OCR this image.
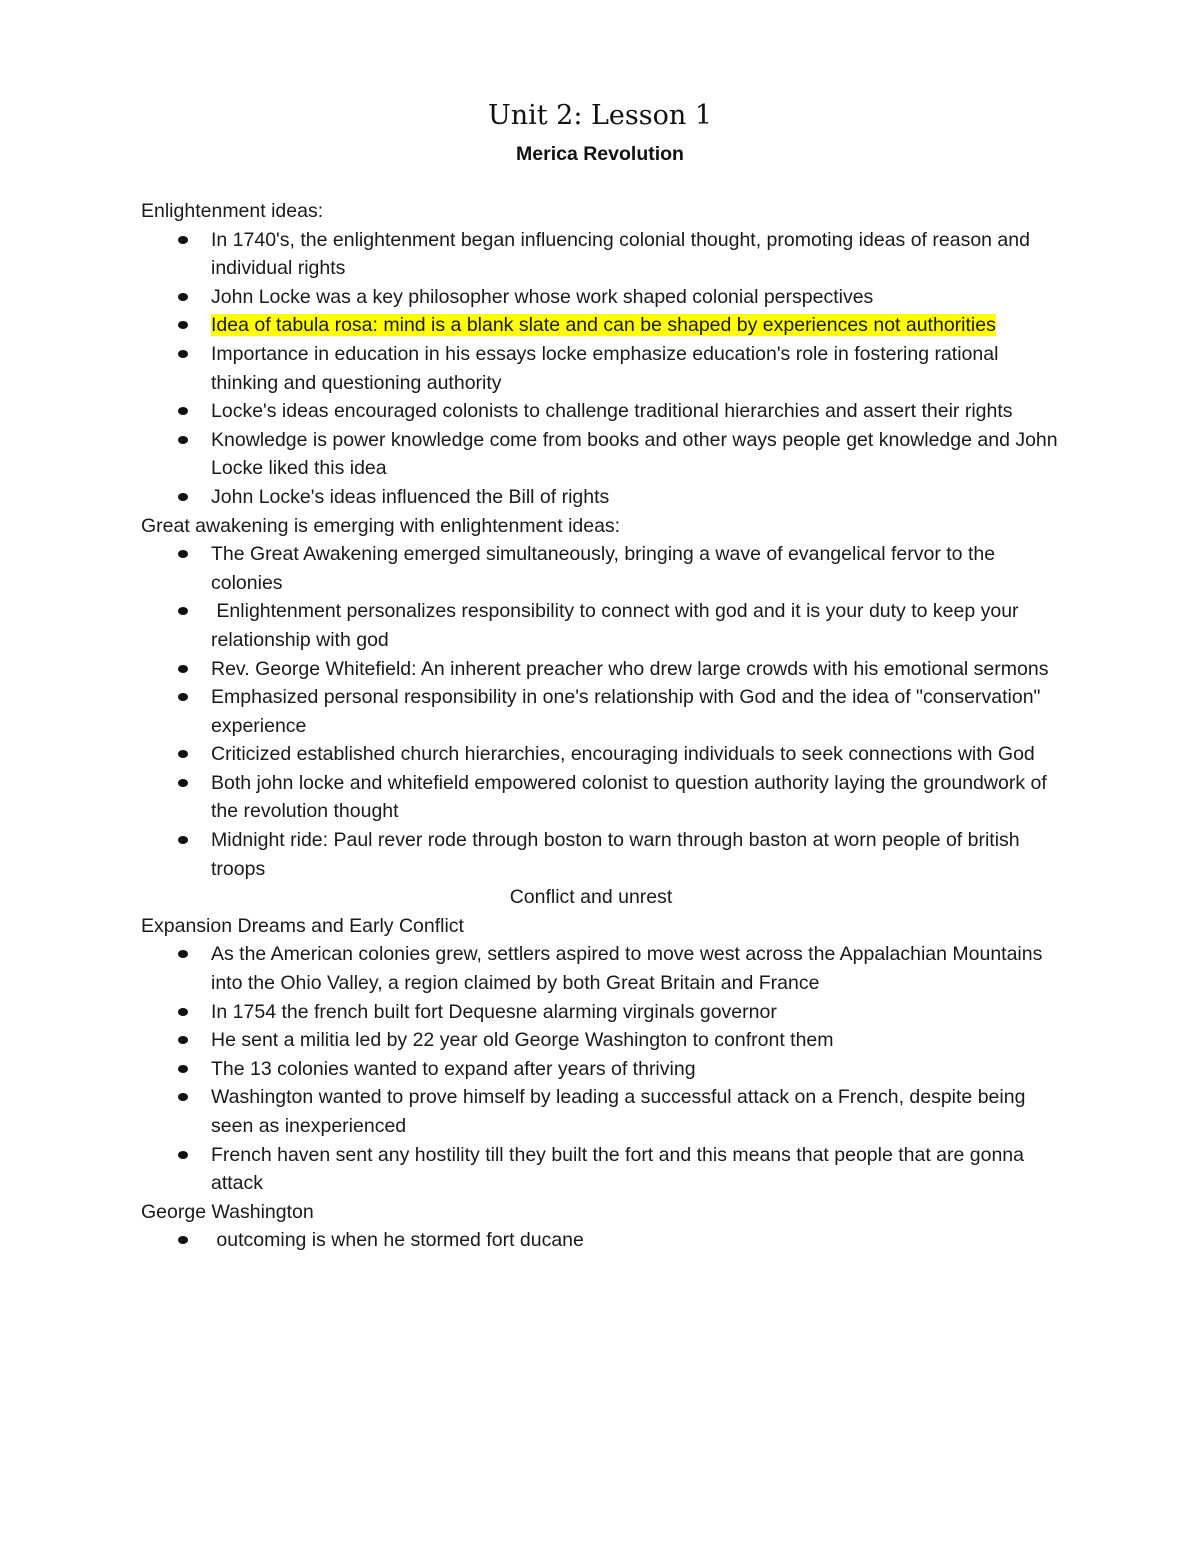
Unit 2: Lesson 1
Merica Revolution

Enlightenment ideas:

In 1740's, the enlightenment began influencing colonial thought, promoting ideas of reason and individual rights
John Locke was a key philosopher whose work shaped colonial perspectives
Idea of tabula rosa: mind is a blank slate and can be shaped by experiences not authorities
Importance in education in his essays locke emphasize education's role in fostering rational thinking and questioning authority
Locke's ideas encouraged colonists to challenge traditional hierarchies and assert their rights
Knowledge is power knowledge come from books and other ways people get knowledge and John Locke liked this idea
John Locke's ideas influenced the Bill of rights

Great awakening is emerging with enlightenment ideas:

The Great Awakening emerged simultaneously, bringing a wave of evangelical fervor to the colonies
Enlightenment personalizes responsibility to connect with god and it is your duty to keep your relationship with god
Rev. George Whitefield: An inherent preacher who drew large crowds with his emotional sermons
Emphasized personal responsibility in one's relationship with God and the idea of "conservation" experience
Criticized established church hierarchies, encouraging individuals to seek connections with God
Both john locke and whitefield empowered colonist to question authority laying the groundwork of the revolution thought
Midnight ride: Paul rever rode through boston to warn through baston at worn people of british troops

Conflict and unrest

Expansion Dreams and Early Conflict

As the American colonies grew, settlers aspired to move west across the Appalachian Mountains into the Ohio Valley, a region claimed by both Great Britain and France
In 1754 the french built fort Dequesne alarming virginals governor
He sent a militia led by 22 year old George Washington to confront them
The 13 colonies wanted to expand after years of thriving
Washington wanted to prove himself by leading a successful attack on a French, despite being seen as inexperienced
French haven sent any hostility till they built the fort and this means that people that are gonna attack

George Washington

outcoming is when he stormed fort ducane
